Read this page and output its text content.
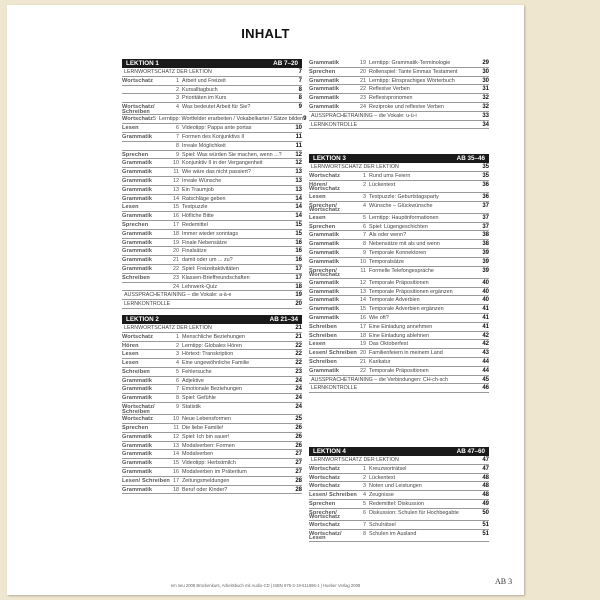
INHALT
LEKTION 1	AB 7–20
LERNWORTSCHATZ DER LEKTION	7
Wortschatz	1 Arbeit und Freizeit	7
2 Kursalltagbuch	8
3 Prioritäten im Kurs	8
Wortschatz/ Schreiben
4 Was bedeutet Arbeit für Sie?	9
Wortschatz 5 Lerntipp: Wortfelder erarbeiten / Vokabelkartei / Sätze bilden 9
Lesen	6 Videotipp: Pappa ante portas	10
Grammatik	7 Formen des Konjunktivs II	11
8 Irreale Möglichkeit	11
Sprechen	9 Spiel: Was würden Sie machen, wenn ...?	12
Grammatik	10 Konjunktiv II in der Vergangenheit	12
Grammatik	11 Wie wäre das nicht passiert?	13
Grammatik	12 Irreale Wünsche	13
Grammatik	13 Ein Traumjob	13
Grammatik	14 Ratschläge geben	14
Lesen	15 Testpuzzle	14
Grammatik	16 Höfliche Bitte	14
Sprechen	17 Redemittel	15
Grammatik	18 Immer wieder sonntags	15
Grammatik	19 Finale Nebensätze	16
Grammatik	20 Finalsätze	16
Grammatik	21 damit oder um ... zu?	16
Grammatik	22 Spiel: Freizeitaktivitäten	17
Schreiben	23 Klassen-Brieffreundschaften	17
24 Lehrwerk-Quiz	18
AUSSPRACHETRAINING – die Vokale: a-ä-e	19
LERNKONTROLLE	20
LEKTION 2	AB 21–34
LERNWORTSCHATZ DER LEKTION	21
Wortschatz	1 Menschliche Beziehungen	21
Hören	2 Lerntipp: Globales Hören	22
Lesen	3 Hörtext: Transkription	22
Lesen	4 Eine ungewöhnliche Familie	22
Schreiben	5 Fehlersuche	23
Grammatik	6 Adjektive	24
Grammatik	7 Emotionale Beziehungen	24
Grammatik	8 Spiel: Gefühle	24
Wortschatz/ Schreiben
9 Statistik	24
Wortschatz	10 Neue Lebensformen	25
Sprechen	11 Die liebe Familie!	26
Grammatik	12 Spiel: Ich bin sauer!	26
Grammatik	13 Modalverben: Formen	26
Grammatik	14 Modalverben	27
Grammatik	15 Videotipp: Herbstmilch	27
Grammatik	16 Modalverben im Präteritum	27
Lesen/ Schreiben 17 Zeitungsmeldungen	28
Grammatik	18 Beruf oder Kinder?	28
Grammatik	19 Lerntipp: Grammatik-Terminologie	29
Sprechen	20 Rollenspiel: Tante Emmas Testament	30
Grammatik	21 Lerntipp: Einsprachiges Wörterbuch	30
Grammatik	22 Reflexive Verben	31
Grammatik	23 Reflexivpronomen	32
Grammatik	24 Reziproke und reflexive Verben	32
AUSSPRACHETRAINING – die Vokale: u-ü-i	33
LERNKONTROLLE	34
LEKTION 3	AB 35–46
LERNWORTSCHATZ DER LEKTION	35
Wortschatz	1 Rund ums Feiern	35
Hören/ Wortschatz
2 Lückentext	36
Lesen	3 Textpuzzle: Geburtstagsparty	36
Sprechen/ Wortschatz
4 Wünsche – Glückwünsche	37
Lesen	5 Lerntipp: Hauptinformationen	37
Sprechen	6 Spiel: Lügengeschichten	37
Grammatik	7 Als oder wenn?	38
Grammatik	8 Nebensätze mit als und wenn	38
Grammatik	9 Temporale Konnektoren	39
Grammatik	10 Temporalsätze	39
Sprechen/ Wortschatz
11 Formelle Telefongespräche	39
Grammatik	12 Temporale Präpositionen	40
Grammatik	13 Temporale Präpositionen ergänzen	40
Grammatik	14 Temporale Adverbien	40
Grammatik	15 Temporale Adverbien ergänzen	41
Grammatik	16 Wie oft?	41
Schreiben	17 Eine Einladung annehmen	41
Schreiben	18 Eine Einladung ablehnen	42
Lesen	19 Das Oktoberfest	42
Lesen/ Schreiben 20 Familienfeiern in meinem Land	43
Schreiben	21 Karikatur	44
Grammatik	22 Temporale Präpositionen	44
AUSSPRACHETRAINING – die Verbindungen: CH-ch-sch	45
LERNKONTROLLE	46
LEKTION 4	AB 47–60
LERNWORTSCHATZ DER LEKTION	47
Wortschatz	1 Kreuzworträtsel	47
Wortschatz	2 Lückentext	48
Wortschatz	3 Noten und Leistungen	48
Lesen/ Schreiben	4 Zeugnisse	48
Sprechen	5 Redemittel: Diskussion	49
Sprechen/ Wortschatz
6 Diskussion: Schulen für Hochbegabte	50
Wortschatz	7 Schulrätsel	51
Wortschatz/ Lesen
8 Schulen im Ausland	51
em neu 2008 Brückenkurs, Arbeitsbuch mit Audio-CD | ISBN 978-3-19-511696-1 | Hueber Verlag 2008	AB 3
